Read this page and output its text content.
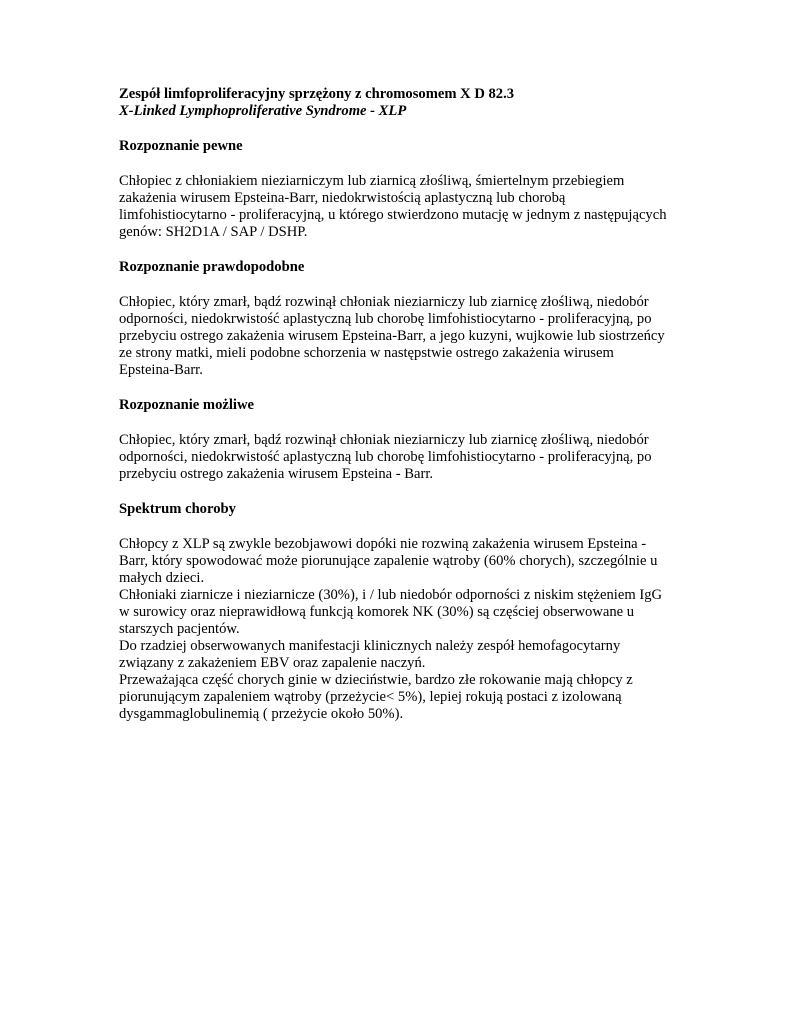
Zespół limfoproliferacyjny sprzężony z chromosomem X D 82.3

X-Linked Lymphoproliferative Syndrome - XLP

Rozpoznanie pewne

Chłopiec z chłoniakiem nieziarniczym lub ziarnicą złośliwą, śmiertelnym przebiegiem
zakażenia wirusem Epsteina-Barr, niedokrwistością aplastyczną lub chorobą
limfohistiocytarno - proliferacyjną, u którego stwierdzono mutację w jednym z następujących
genów: SH2D1A / SAP / DSHP.

Rozpoznanie prawdopodobne

Chłopiec, który zmarł, bądź rozwinął chłoniak nieziarniczy lub ziarnicę złośliwą, niedobór
odporności, niedokrwistość aplastyczną lub chorobę limfohistiocytarno - proliferacyjną, po
przebyciu ostrego zakażenia wirusem Epsteina-Barr, a jego kuzyni, wujkowie lub siostrzeńcy
ze strony matki, mieli podobne schorzenia w następstwie ostrego zakażenia wirusem
Epsteina-Barr.

Rozpoznanie możliwe

Chłopiec, który zmarł, bądź rozwinął chłoniak nieziarniczy lub ziarnicę złośliwą, niedobór
odporności, niedokrwistość aplastyczną lub chorobę limfohistiocytarno - proliferacyjną, po
przebyciu ostrego zakażenia wirusem Epsteina - Barr.

Spektrum choroby

Chłopcy z XLP są zwykle bezobjawowi dopóki nie rozwiną zakażenia wirusem Epsteina -
Barr, który spowodować może piorunujące zapalenie wątroby (60% chorych), szczególnie u
małych dzieci.
Chłoniaki ziarnicze i nieziarnicze (30%), i / lub niedobór odporności z niskim stężeniem IgG
w surowicy oraz nieprawidłową funkcją komorek NK (30%) są częściej obserwowane u
starszych pacjentów.
Do rzadziej obserwowanych manifestacji klinicznych należy zespół hemofagocytarny
związany z zakażeniem EBV oraz zapalenie naczyń.
Przeważająca część chorych ginie w dzieciństwie, bardzo złe rokowanie mają chłopcy z
piorunującym zapaleniem wątroby (przeżycie< 5%), lepiej rokują postaci z izolowaną
dysgammaglobulinemią ( przeżycie około 50%).
